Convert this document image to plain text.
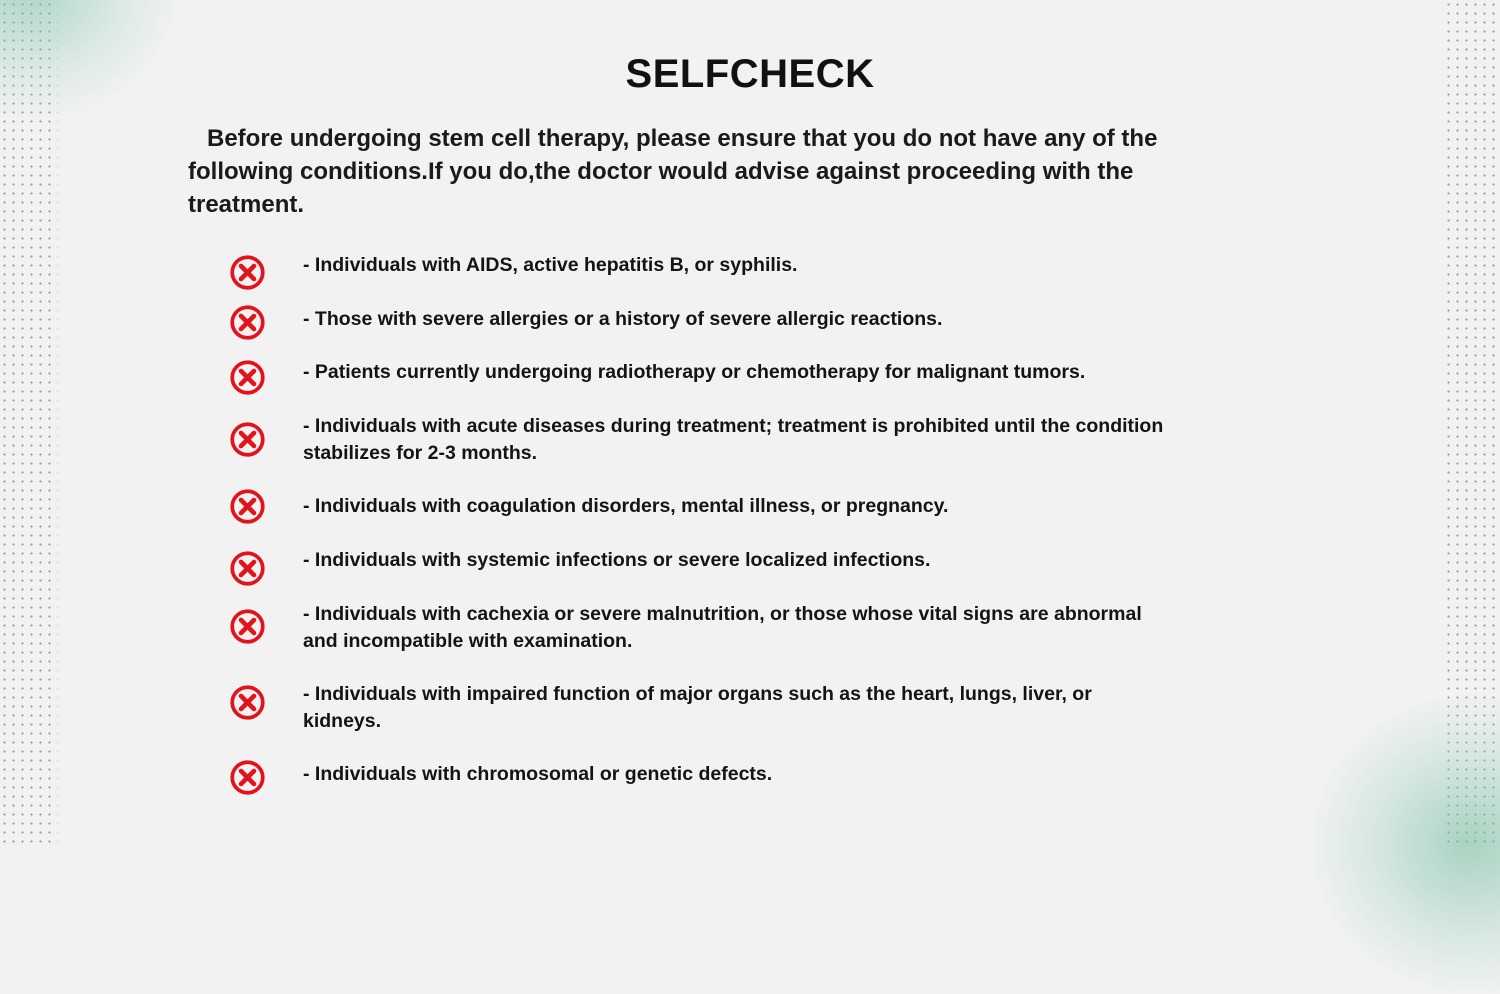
SELFCHECK

Before undergoing stem cell therapy, please ensure that you do not have any of the following conditions.If you do,the doctor would advise against proceeding with the treatment.

- Individuals with AIDS, active hepatitis B, or syphilis.
- Those with severe allergies or a history of severe allergic reactions.
- Patients currently undergoing radiotherapy or chemotherapy for malignant tumors.
- Individuals with acute diseases during treatment; treatment is prohibited until the condition stabilizes for 2-3 months.
- Individuals with coagulation disorders, mental illness, or pregnancy.
- Individuals with systemic infections or severe localized infections.
- Individuals with cachexia or severe malnutrition, or those whose vital signs are abnormal and incompatible with examination.
- Individuals with impaired function of major organs such as the heart, lungs, liver, or kidneys.
- Individuals with chromosomal or genetic defects.
